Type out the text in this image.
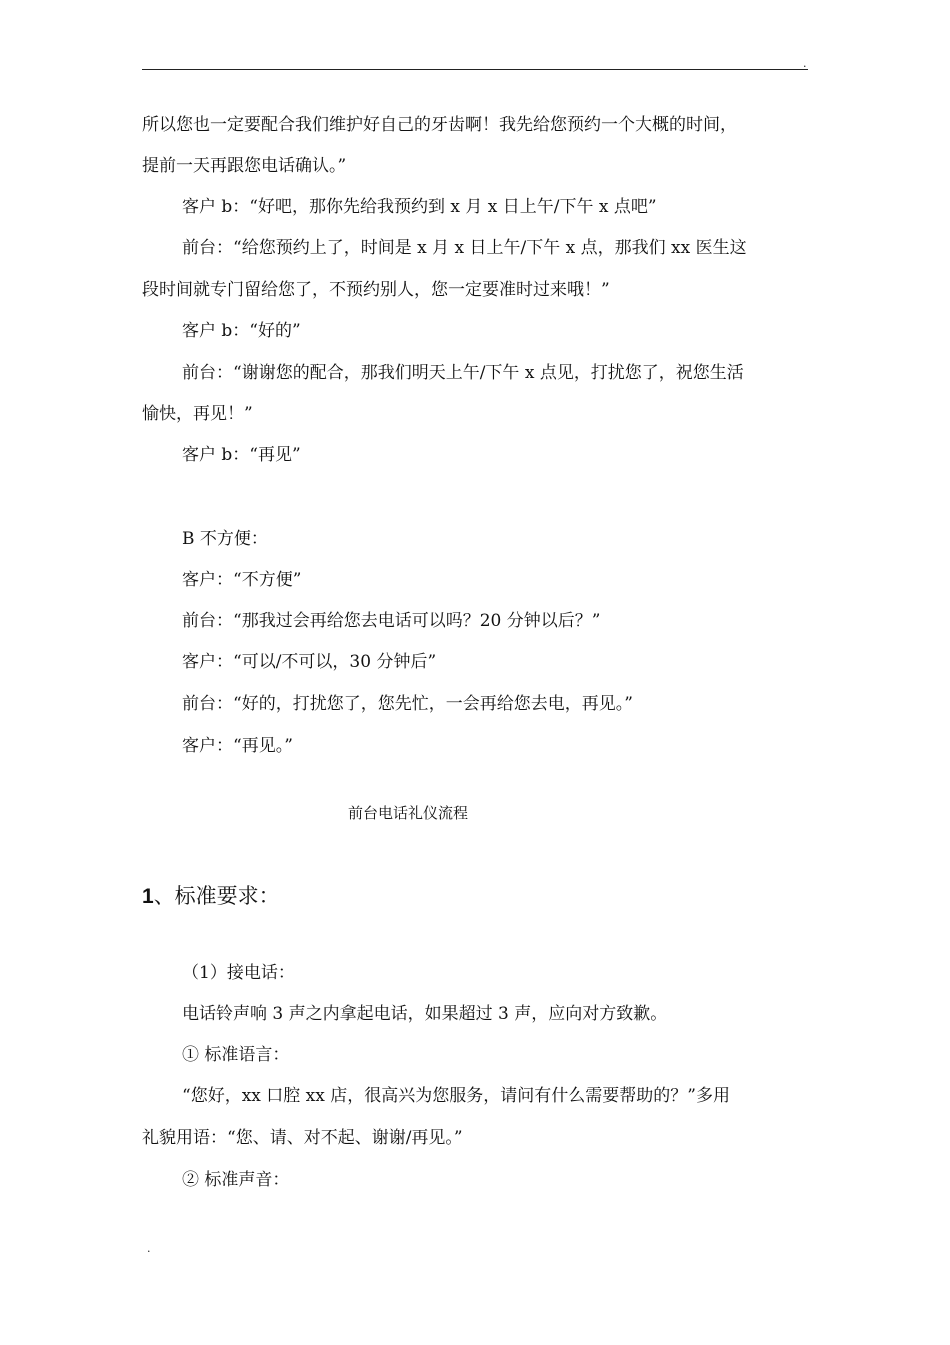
.
所以您也一定要配合我们维护好自己的牙齿啊！我先给您预约一个大概的时间，
提前一天再跟您电话确认。”
客户 b：“好吧，那你先给我预约到 x 月 x 日上午/下午 x 点吧”
前台：“给您预约上了，时间是 x 月 x 日上午/下午 x 点，那我们 xx 医生这
段时间就专门留给您了，不预约别人，您一定要准时过来哦！”
客户 b：“好的”
前台：“谢谢您的配合，那我们明天上午/下午 x 点见，打扰您了，祝您生活
愉快，再见！”
客户 b：“再见”
B 不方便：
客户：“不方便”
前台：“那我过会再给您去电话可以吗？20 分钟以后？”
客户：“可以/不可以，30 分钟后”
前台：“好的，打扰您了，您先忙，一会再给您去电，再见。”
客户：“再见。”
前台电话礼仪流程
1、标准要求：
（1）接电话：
电话铃声响 3 声之内拿起电话，如果超过 3 声，应向对方致歉。
① 标准语言：
“您好，xx 口腔 xx 店，很高兴为您服务，请问有什么需要帮助的？”多用
礼貌用语：“您、请、对不起、谢谢/再见。”
② 标准声音：
.
